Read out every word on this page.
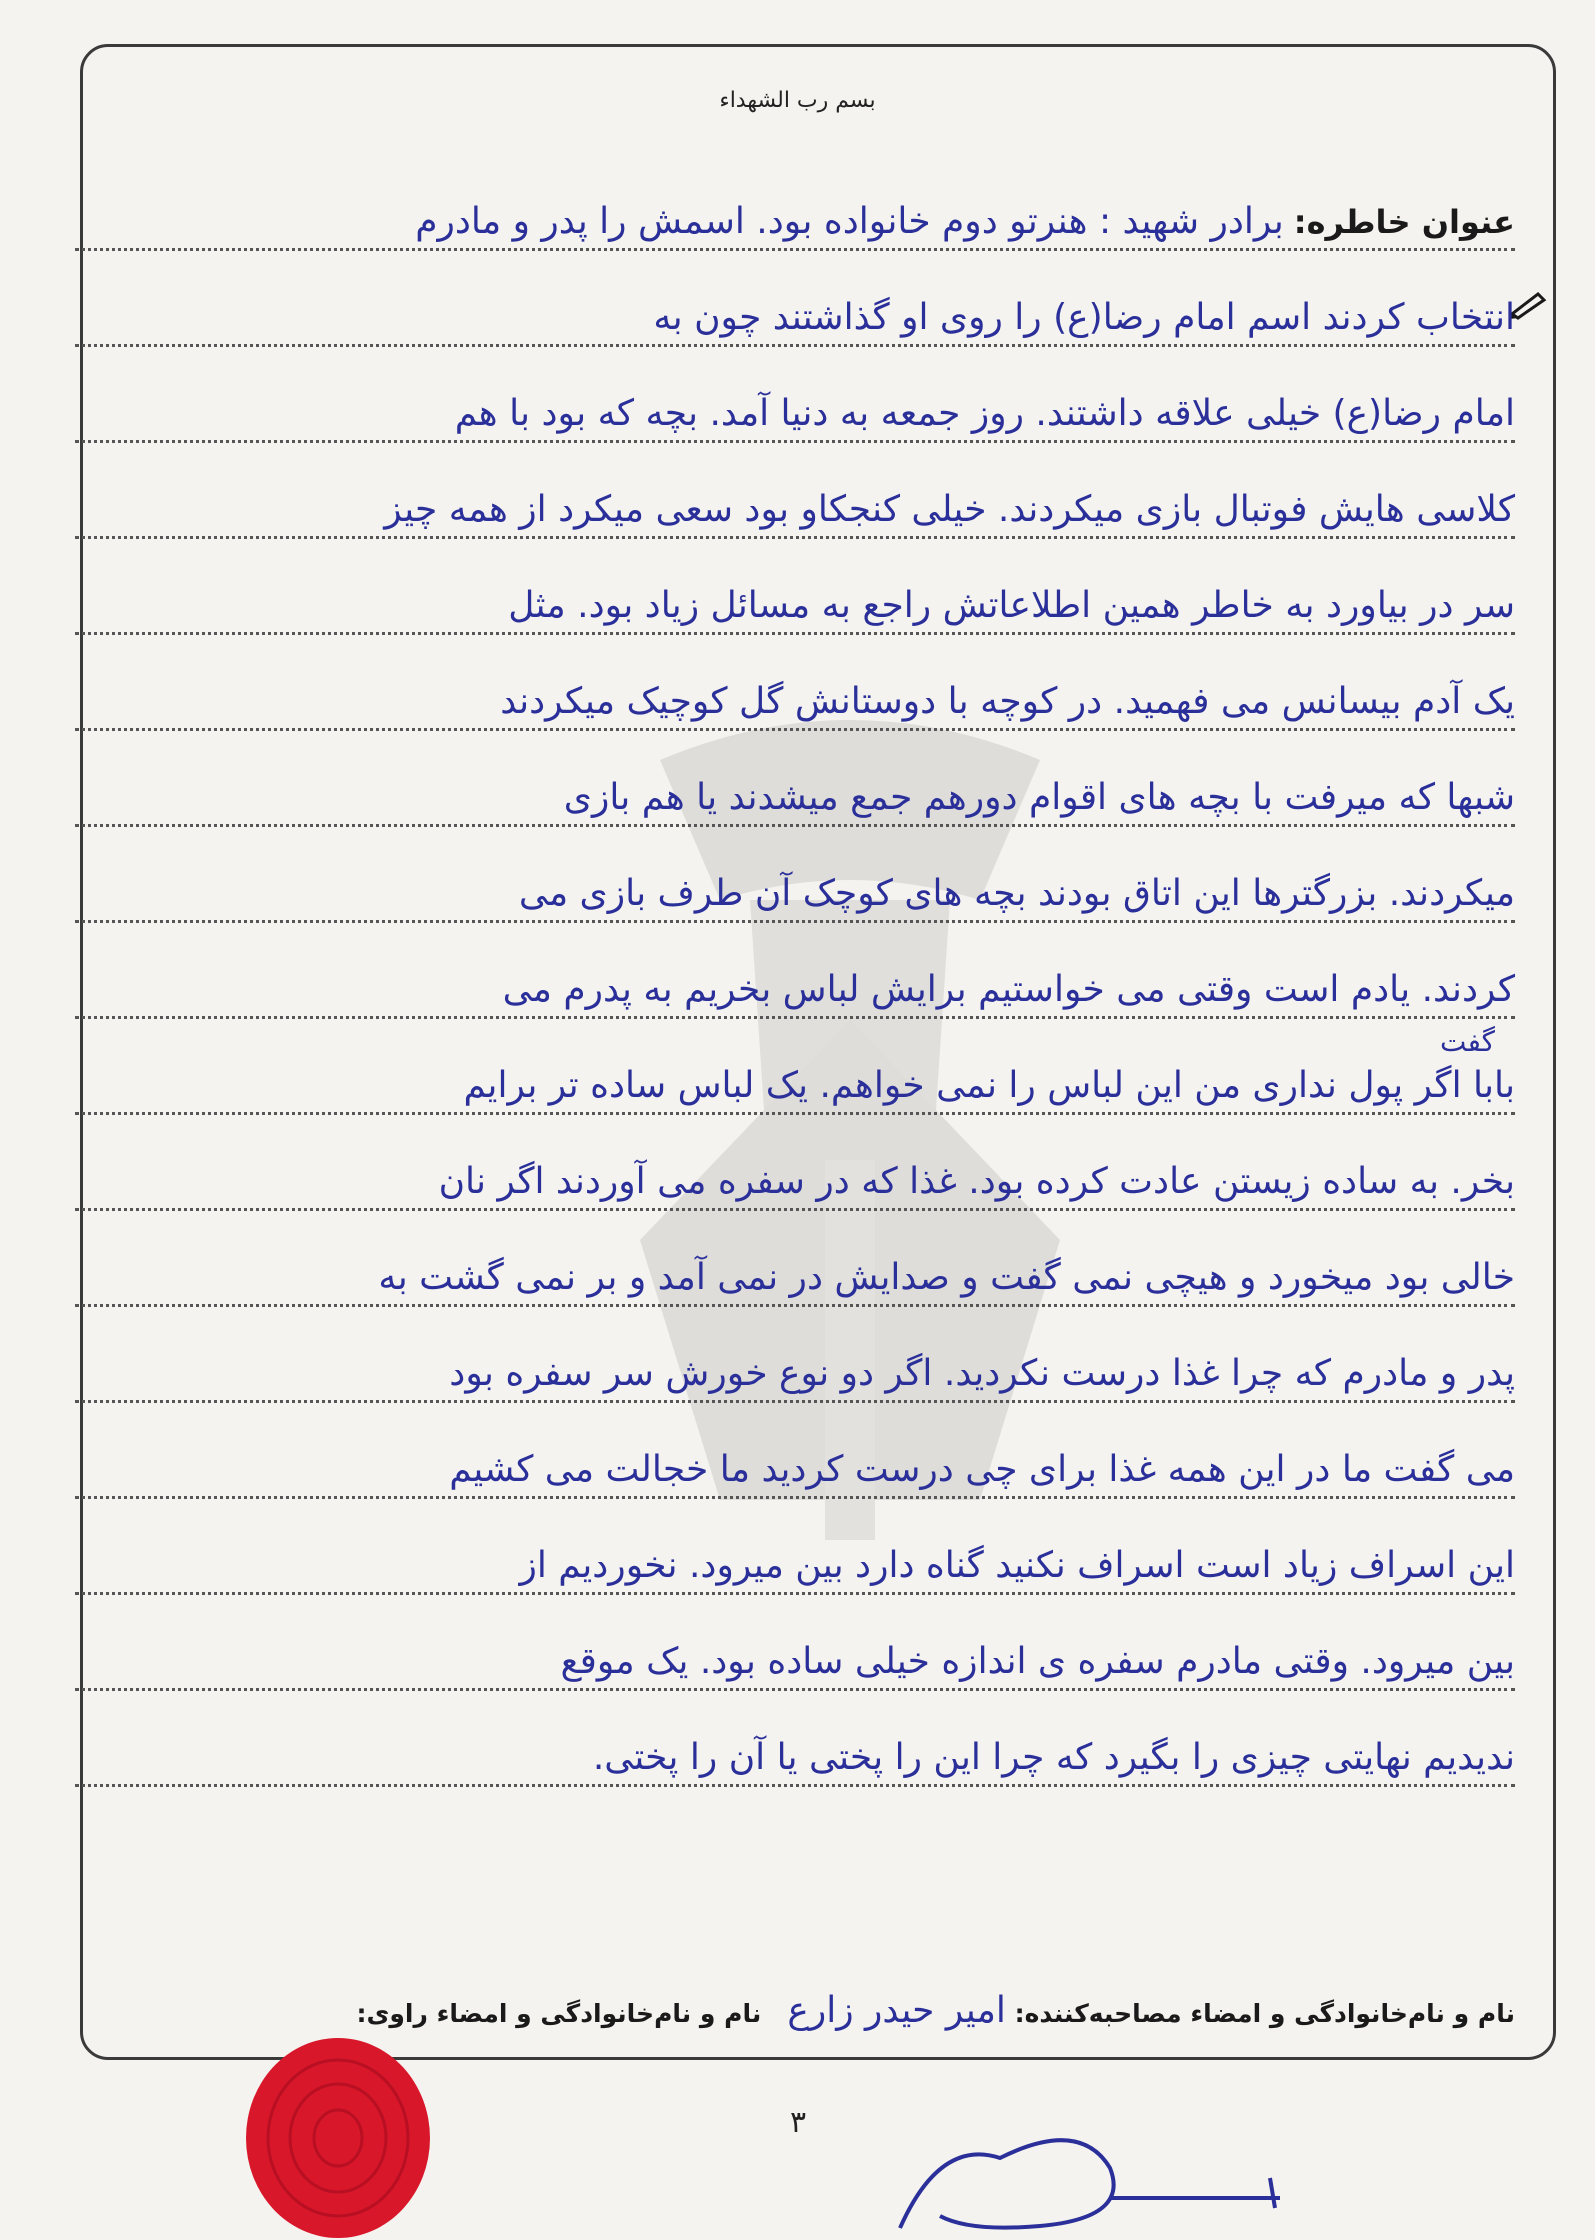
بسم رب الشهداء
عنوان خاطره:برادر شهید : هنرتو دوم خانواده بود. اسمش را پدر و مادرم
انتخاب کردند اسم امام رضا(ع) را روی او گذاشتند چون به
امام رضا(ع) خیلی علاقه داشتند. روز جمعه به دنیا آمد. بچه که بود با هم
کلاسی هایش فوتبال بازی میکردند. خیلی کنجکاو بود سعی میکرد از همه چیز
سر در بیاورد به خاطر همین اطلاعاتش راجع به مسائل زیاد بود. مثل
یک آدم بیسانس می فهمید. در کوچه با دوستانش گل کوچیک میکردند
شبها که میرفت با بچه های اقوام دورهم جمع میشدند یا هم بازی
میکردند. بزرگترها این اتاق بودند بچه های کوچک آن طرف بازی می
کردند. یادم است وقتی می خواستیم برایش لباس بخریم به پدرم می
گفت
بابا اگر پول نداری من این لباس را نمی خواهم. یک لباس ساده تر برایم
بخر. به ساده زیستن عادت کرده بود. غذا که در سفره می آوردند اگر نان
خالی بود میخورد و هیچی نمی گفت و صدایش در نمی آمد و بر نمی گشت به
پدر و مادرم که چرا غذا درست نکردید. اگر دو نوع خورش سر سفره بود
می گفت ما در این همه غذا برای چی درست کردید ما خجالت می کشیم
این اسراف زیاد است اسراف نکنید گناه دارد بین میرود. نخوردیم از
بین میرود. وقتی مادرم سفره ی اندازه خیلی ساده بود. یک موقع
ندیدیم نهایتی چیزی را بگیرد که چرا این را پختی یا آن را پختی.
نام و نام‌خانوادگی و امضاء مصاحبه‌کننده: امیر حیدر زارع   نام و نام‌خانوادگی و امضاء راوی:
۳
